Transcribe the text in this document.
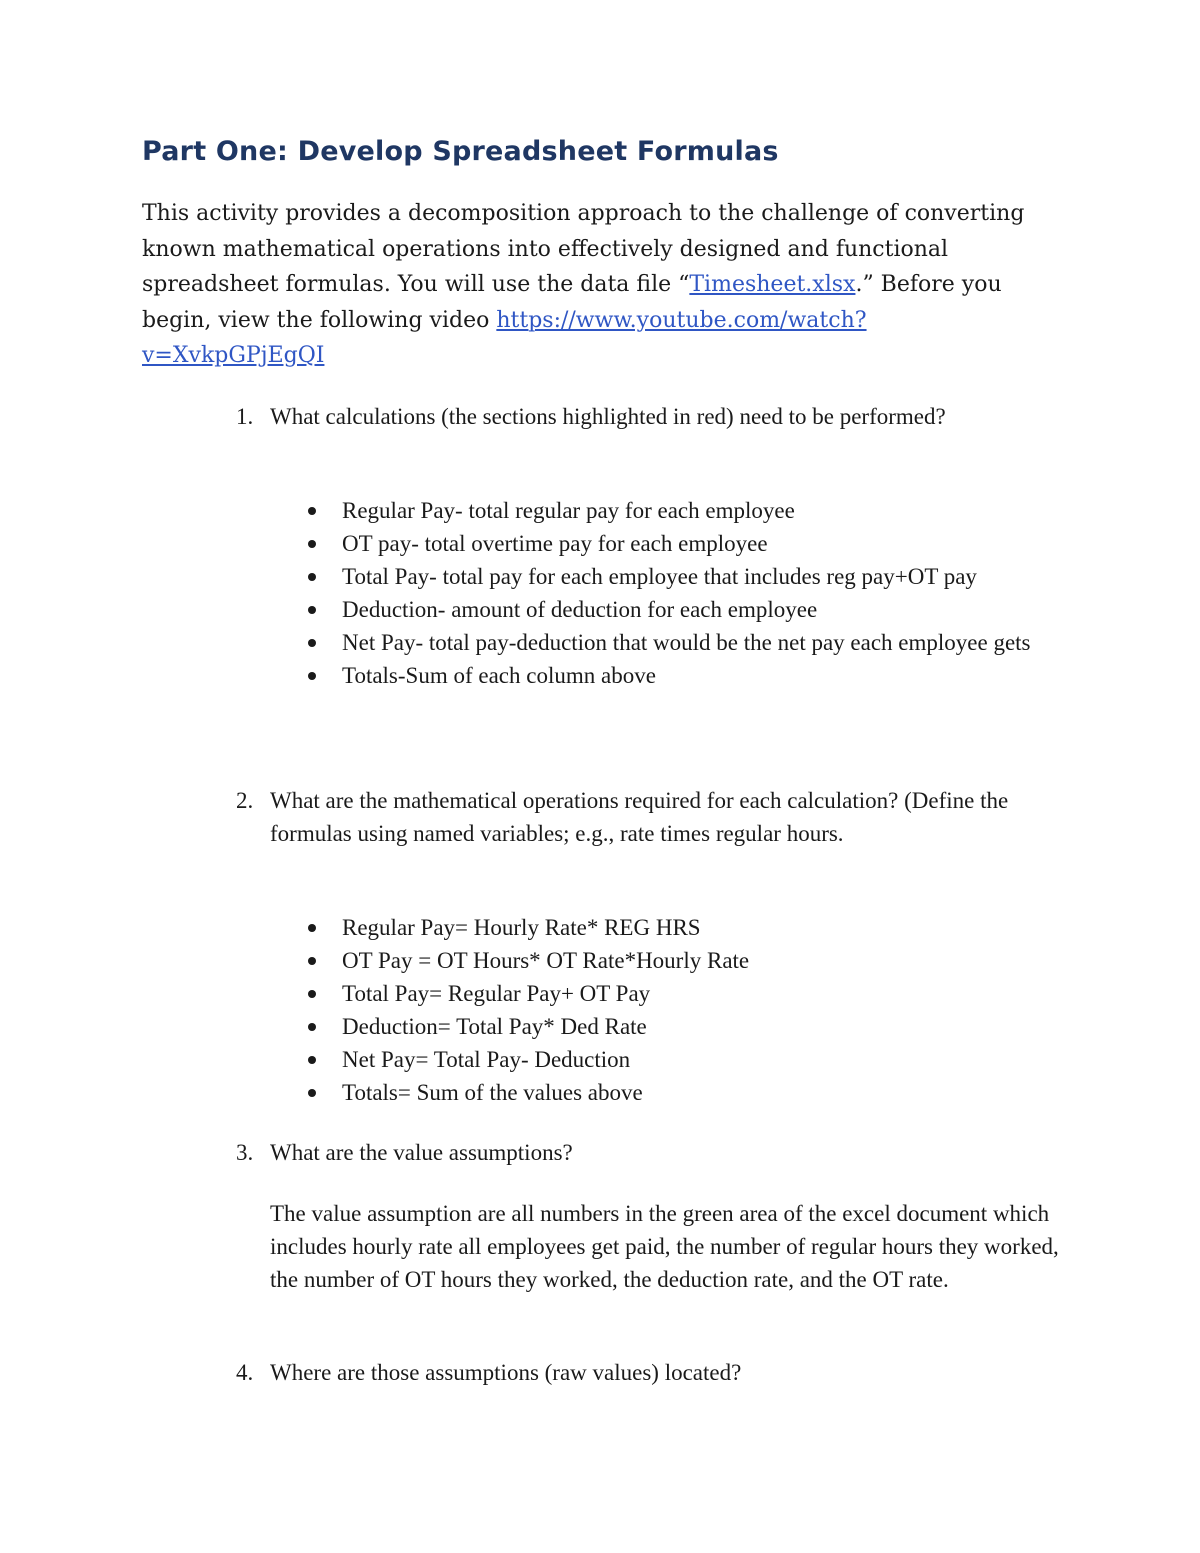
Part One: Develop Spreadsheet Formulas

This activity provides a decomposition approach to the challenge of converting known mathematical operations into effectively designed and functional spreadsheet formulas. You will use the data file “Timesheet.xlsx.” Before you begin, view the following video https://www.youtube.com/watch?v=XvkpGPjEgQI

1. What calculations (the sections highlighted in red) need to be performed?
Regular Pay- total regular pay for each employee
OT pay- total overtime pay for each employee
Total Pay- total pay for each employee that includes reg pay+OT pay
Deduction- amount of deduction for each employee
Net Pay- total pay-deduction that would be the net pay each employee gets
Totals-Sum of each column above
2. What are the mathematical operations required for each calculation? (Define the formulas using named variables; e.g., rate times regular hours.
Regular Pay= Hourly Rate* REG HRS
OT Pay = OT Hours* OT Rate*Hourly Rate
Total Pay= Regular Pay+ OT Pay
Deduction= Total Pay* Ded Rate
Net Pay= Total Pay- Deduction
Totals= Sum of the values above
3. What are the value assumptions?

The value assumption are all numbers in the green area of the excel document which includes hourly rate all employees get paid, the number of regular hours they worked, the number of OT hours they worked, the deduction rate, and the OT rate.

4. Where are those assumptions (raw values) located?
